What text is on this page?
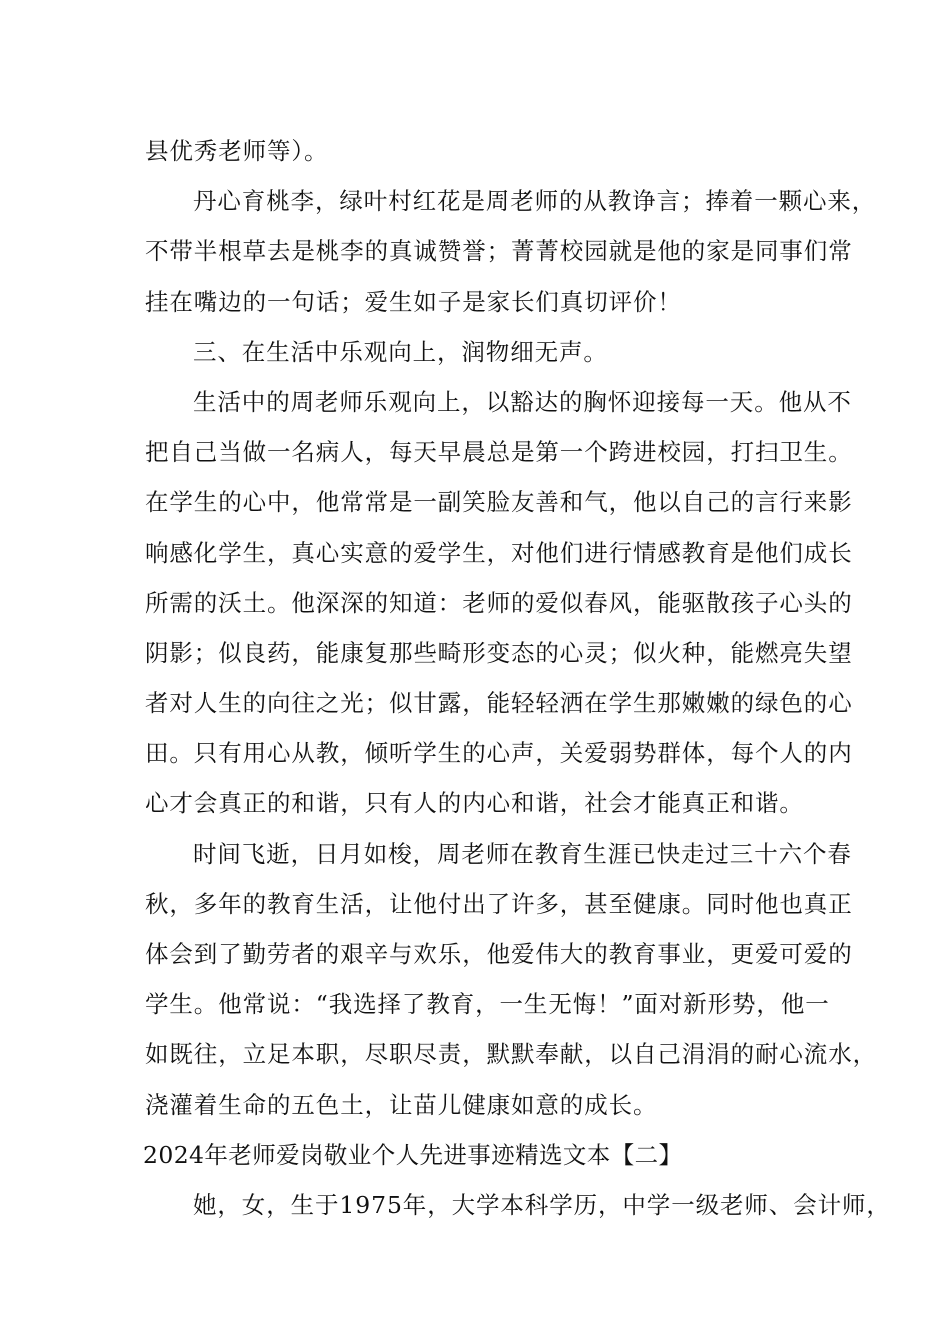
县优秀老师等）。
丹心育桃李，绿叶村红花是周老师的从教诤言；捧着一颗心来，
不带半根草去是桃李的真诚赞誉；菁菁校园就是他的家是同事们常
挂在嘴边的一句话；爱生如子是家长们真切评价！
三、在生活中乐观向上，润物细无声。
生活中的周老师乐观向上，以豁达的胸怀迎接每一天。他从不
把自己当做一名病人，每天早晨总是第一个跨进校园，打扫卫生。
在学生的心中，他常常是一副笑脸友善和气，他以自己的言行来影
响感化学生，真心实意的爱学生，对他们进行情感教育是他们成长
所需的沃土。他深深的知道：老师的爱似春风，能驱散孩子心头的
阴影；似良药，能康复那些畸形变态的心灵；似火种，能燃亮失望
者对人生的向往之光；似甘露，能轻轻洒在学生那嫩嫩的绿色的心
田。只有用心从教，倾听学生的心声，关爱弱势群体，每个人的内
心才会真正的和谐，只有人的内心和谐，社会才能真正和谐。
时间飞逝，日月如梭，周老师在教育生涯已快走过三十六个春
秋，多年的教育生活，让他付出了许多，甚至健康。同时他也真正
体会到了勤劳者的艰辛与欢乐，他爱伟大的教育事业，更爱可爱的
学生。他常说：“我选择了教育，一生无悔！”面对新形势，他一
如既往，立足本职，尽职尽责，默默奉献，以自己涓涓的耐心流水，
浇灌着生命的五色土，让苗儿健康如意的成长。
2024年老师爱岗敬业个人先进事迹精选文本【二】
她，女，生于1975年，大学本科学历，中学一级老师、会计师，
